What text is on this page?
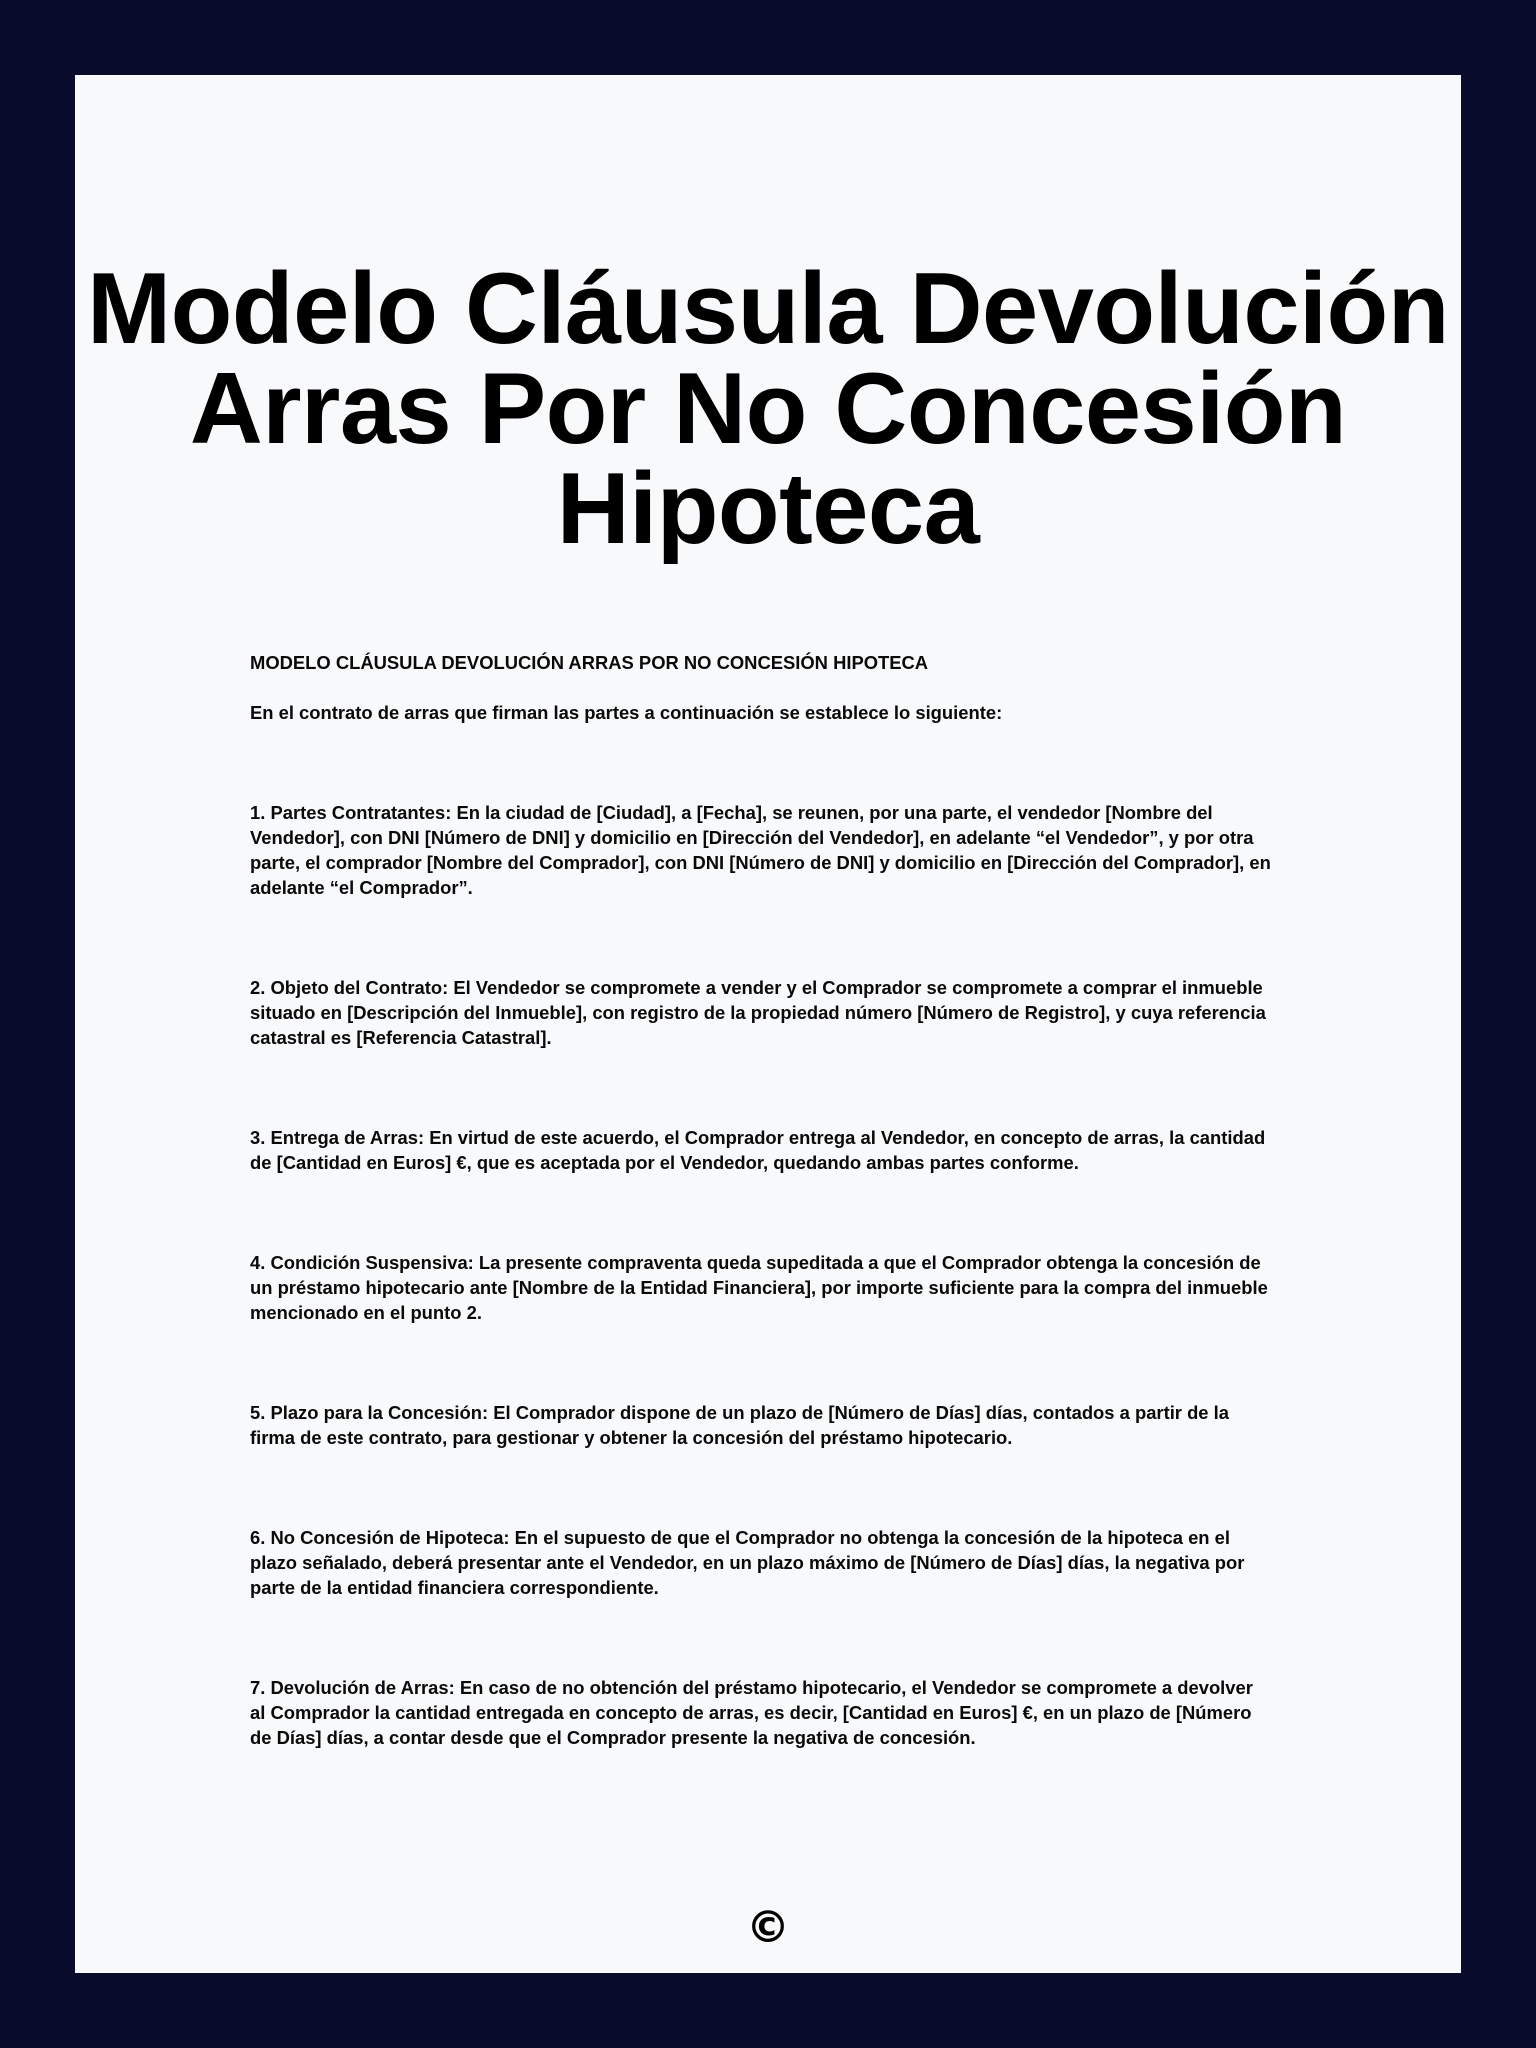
Modelo Cláusula Devolución
Arras Por No Concesión
Hipoteca

MODELO CLÁUSULA DEVOLUCIÓN ARRAS POR NO CONCESIÓN HIPOTECA

En el contrato de arras que firman las partes a continuación se establece lo siguiente:

1. Partes Contratantes: En la ciudad de [Ciudad], a [Fecha], se reunen, por una parte, el vendedor [Nombre del Vendedor], con DNI [Número de DNI] y domicilio en [Dirección del Vendedor], en adelante “el Vendedor”, y por otra parte, el comprador [Nombre del Comprador], con DNI [Número de DNI] y domicilio en [Dirección del Comprador], en adelante “el Comprador”.

2. Objeto del Contrato: El Vendedor se compromete a vender y el Comprador se compromete a comprar el inmueble situado en [Descripción del Inmueble], con registro de la propiedad número [Número de Registro], y cuya referencia catastral es [Referencia Catastral].

3. Entrega de Arras: En virtud de este acuerdo, el Comprador entrega al Vendedor, en concepto de arras, la cantidad de [Cantidad en Euros] €, que es aceptada por el Vendedor, quedando ambas partes conforme.

4. Condición Suspensiva: La presente compraventa queda supeditada a que el Comprador obtenga la concesión de un préstamo hipotecario ante [Nombre de la Entidad Financiera], por importe suficiente para la compra del inmueble mencionado en el punto 2.

5. Plazo para la Concesión: El Comprador dispone de un plazo de [Número de Días] días, contados a partir de la firma de este contrato, para gestionar y obtener la concesión del préstamo hipotecario.

6. No Concesión de Hipoteca: En el supuesto de que el Comprador no obtenga la concesión de la hipoteca en el plazo señalado, deberá presentar ante el Vendedor, en un plazo máximo de [Número de Días] días, la negativa por parte de la entidad financiera correspondiente.

7. Devolución de Arras: En caso de no obtención del préstamo hipotecario, el Vendedor se compromete a devolver al Comprador la cantidad entregada en concepto de arras, es decir, [Cantidad en Euros] €, en un plazo de [Número de Días] días, a contar desde que el Comprador presente la negativa de concesión.

©
